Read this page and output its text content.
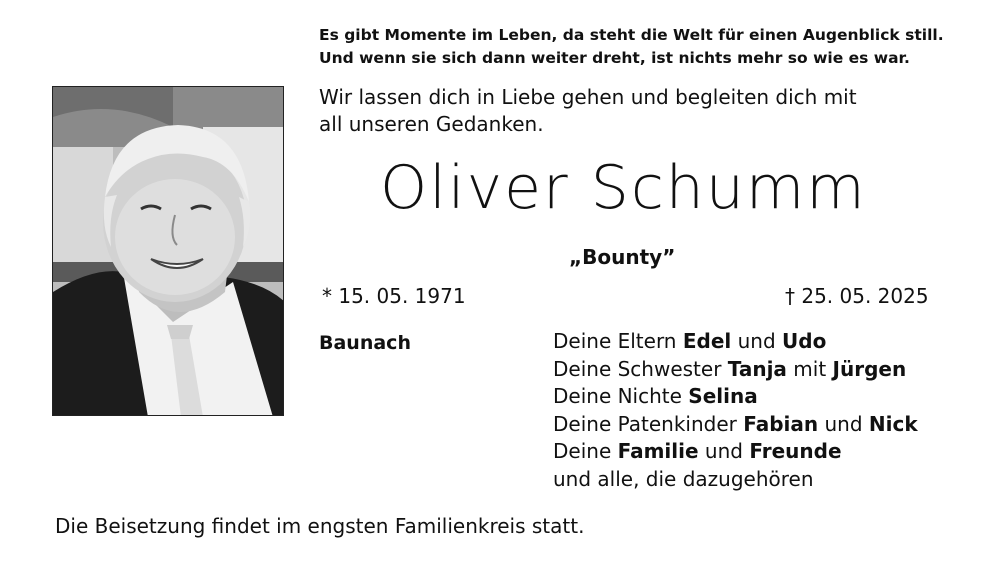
Es gibt Momente im Leben, da steht die Welt für einen Augenblick still.
Und wenn sie sich dann weiter dreht, ist nichts mehr so wie es war.
Wir lassen dich in Liebe gehen und begleiten dich mit
all unseren Gedanken.
Oliver Schumm
„Bounty”
* 15. 05. 1971	† 25. 05. 2025
Baunach	Deine Eltern Edel und Udo
Deine Schwester Tanja mit Jürgen
Deine Nichte Selina
Deine Patenkinder Fabian und Nick
Deine Familie und Freunde
und alle, die dazugehören
Die Beisetzung findet im engsten Familienkreis statt.
